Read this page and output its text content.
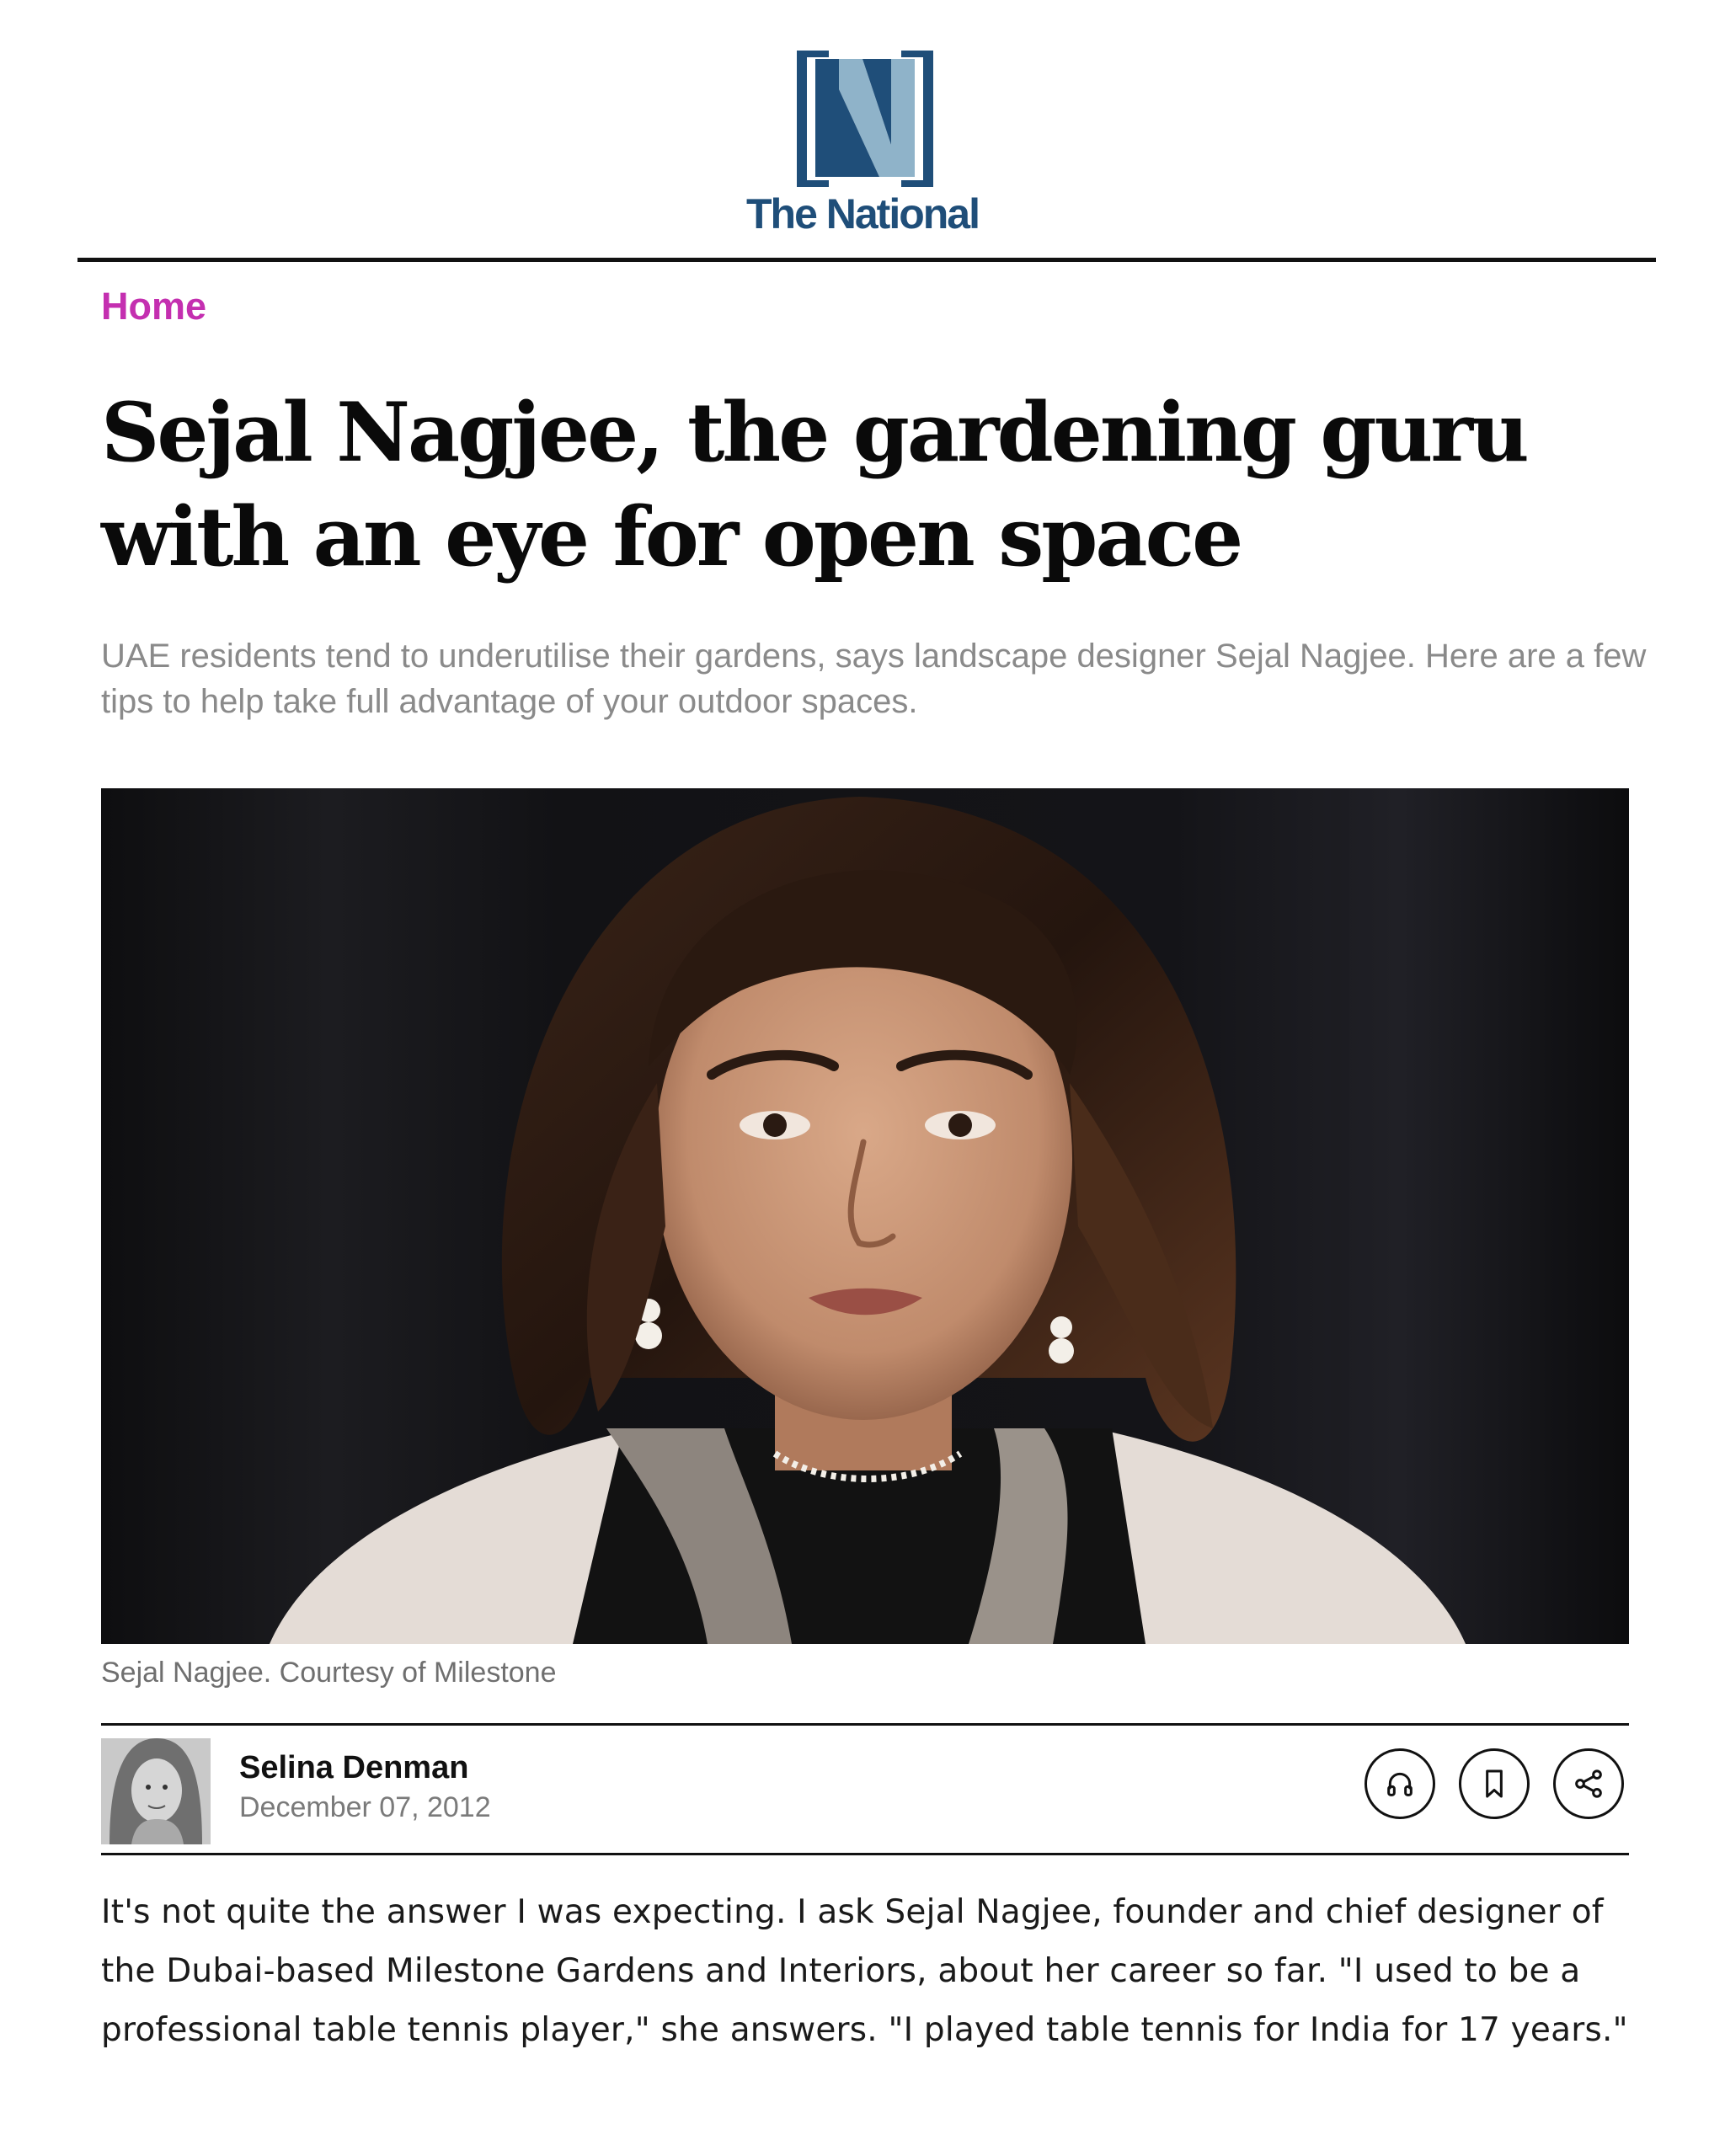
The National
Home
Sejal Nagjee, the gardening guru with an eye for open space

UAE residents tend to underutilise their gardens, says landscape designer Sejal Nagjee. Here are a few tips to help take full advantage of your outdoor spaces.

Sejal Nagjee. Courtesy of Milestone
Selina Denman
December 07, 2012

It's not quite the answer I was expecting. I ask Sejal Nagjee, founder and chief designer of the Dubai-based Milestone Gardens and Interiors, about her career so far. "I used to be a professional table tennis player," she answers. "I played table tennis for India for 17 years."
